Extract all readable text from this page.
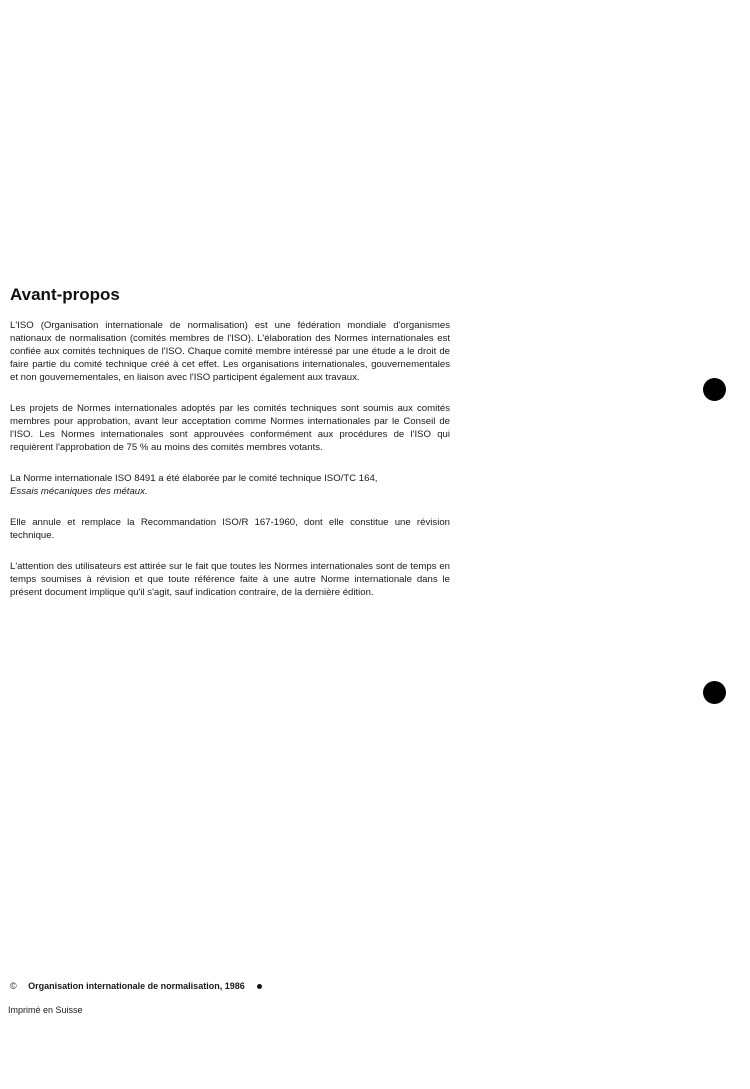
Avant-propos

L'ISO (Organisation internationale de normalisation) est une fédération mondiale d'organismes nationaux de normalisation (comités membres de l'ISO). L'élaboration des Normes internationales est confiée aux comités techniques de l'ISO. Chaque comité membre intéressé par une étude a le droit de faire partie du comité technique créé à cet effet. Les organisations internationales, gouvernementales et non gouvernementales, en liaison avec l'ISO participent également aux travaux.

Les projets de Normes internationales adoptés par les comités techniques sont soumis aux comités membres pour approbation, avant leur acceptation comme Normes internationales par le Conseil de l'ISO. Les Normes internationales sont approuvées conformément aux procédures de l'ISO qui requièrent l'approbation de 75 % au moins des comités membres votants.

La Norme internationale ISO 8491 a été élaborée par le comité technique ISO/TC 164,
Essais mécaniques des métaux.

Elle annule et remplace la Recommandation ISO/R 167-1960, dont elle constitue une révision technique.

L'attention des utilisateurs est attirée sur le fait que toutes les Normes internationales sont de temps en temps soumises à révision et que toute référence faite à une autre Norme internationale dans le présent document implique qu'il s'agit, sauf indication contraire, de la dernière édition.

© Organisation internationale de normalisation, 1986
Imprimé en Suisse
